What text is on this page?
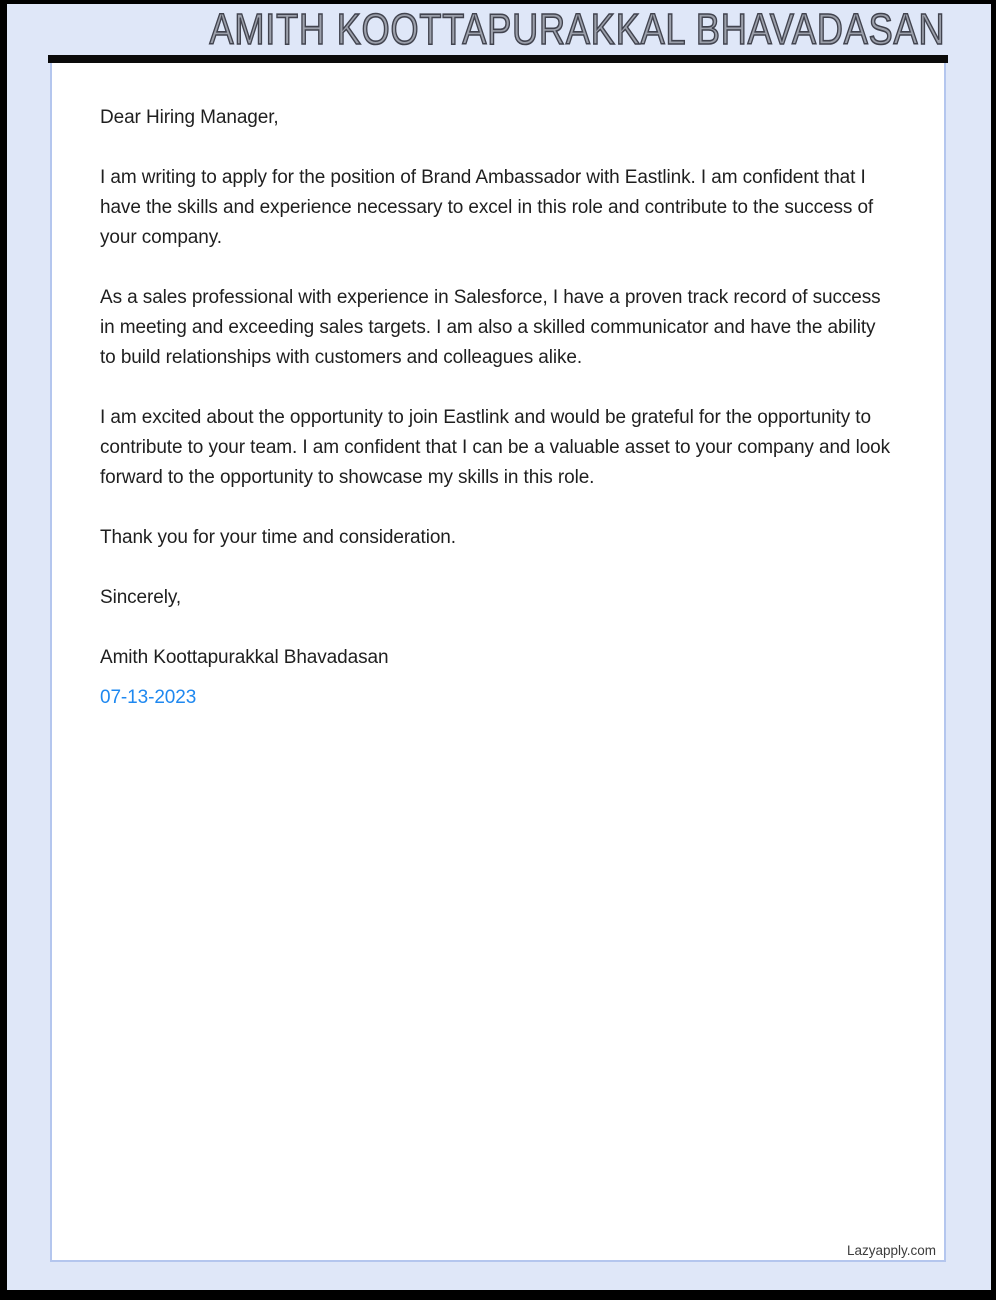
AMITH KOOTTAPURAKKAL BHAVADASAN

Dear Hiring Manager,

I am writing to apply for the position of Brand Ambassador with Eastlink. I am confident that I have the skills and experience necessary to excel in this role and contribute to the success of your company.

As a sales professional with experience in Salesforce, I have a proven track record of success in meeting and exceeding sales targets. I am also a skilled communicator and have the ability to build relationships with customers and colleagues alike.

I am excited about the opportunity to join Eastlink and would be grateful for the opportunity to contribute to your team. I am confident that I can be a valuable asset to your company and look forward to the opportunity to showcase my skills in this role.

Thank you for your time and consideration.

Sincerely,

Amith Koottapurakkal Bhavadasan

07-13-2023

Lazyapply.com
